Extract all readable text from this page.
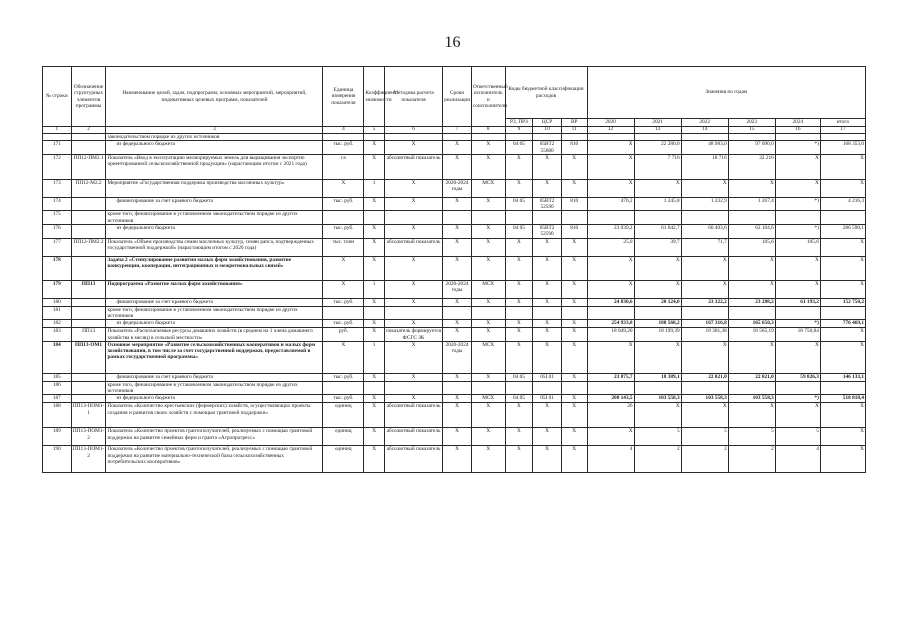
16
№ строки	Обозначение структурных элементов программы	Наименование целей, задач, подпрограмм, основных мероприятий, мероприятий, индикативных целевых программ, показателей	Единица измерения показателя	Коэффициент значимости	Методика расчета показателя	Сроки реализации	Ответственный исполнитель и соисполнители	Коды бюджетной классификации расходов			Значения по годам					
								РЗ, ПРЗ	ЦСР	ВР	2020	2021	2022	2023	2024	итого
1	2	3	4	5	6	7	8	9	10	11	12	13	14	15	16	17
		законодательством порядке из других источников														
171		из федерального бюджета	тыс. руб.	X	X	X	X	04 05	05BT2 55680	810	X	22 280,0	48 983,0	97 090,0	*)	168 353,0
172	ПП12-ПМ2.1	Показатель «Ввод в эксплуатацию мелиорируемых земель для выращивания экспортно ориентированной сельскохозяйственной продукции» (нарастающим итогом с 2021 года)	га	X	абсолютный показатель	X	X	X	X	X	X	7 716	18 716	32 216	X	X
173	ПП12-М2.2	Мероприятие «Государственная поддержка производства масличных культур»	X	1	X	2020-2024 годы	МСХ	X	X	X	X	X	X	X	X	X
174		финансирование за счет краевого бюджета	тыс. руб.	X	X	X	X	04 05	05BT2 52590	810	470,2	1 245,8	1 232,9	1 267,4	*)	4 216,3
175		кроме того, финансирование в установленном законодательством порядке из других источников														
176		из федерального бюджета	тыс. руб.	X	X	X	X	04 05	05BT2 52590	810	23 039,2	61 042,7	60 403,6	62 104,6	*)	206 590,1
177	ПП12-ПМ2.2	Показатель «Объем производства семян масличных культур, семян рапса, подтвержденных государственной поддержкой» (нарастающим итогом с 2020 года)	тыс. тонн	X	абсолютный показатель	X	X	X	X	X	25,0	39,7	71,7	105,6	105,6	X
178		Задача 2 «Стимулирование развития малых форм хозяйствования, развитие конкуренции, кооперации, интеграционных и межрегиональных связей»	X	X	X	X	X	X	X	X	X	X	X	X	X	X
179	ПП13	Подпрограмма «Развитие малых форм хозяйствования»	X	1	X	2020-2024 годы	МСХ	X	X	X	X	X	X	X	X	X
180		финансирование за счет краевого бюджета	тыс. руб.	X	X	X	X	X	X	X	24 830,6	20 124,0	23 322,2	23 288,2	61 193,2	152 758,2
181		кроме того, финансирование в установленном законодательством порядке из других источников														
182		из федерального бюджета	тыс. руб.	X	X	X	X	X	X	X	254 933,8	188 568,2	167 316,8	165 650,3	*)	776 469,1
183	ПП13	Показатель «Располагаемые ресурсы домашних хозяйств (в среднем на 1 члена домашнего хозяйства в месяц) в сельской местности»	руб.	X	показатель формируется ФСГС ЗК	X	X	X	X	X	18 049,20	18 199,39	18 381,38	18 565,19	18 750,84	X
184	ПП13-ОМ1	Основное мероприятие «Развитие сельскохозяйственных кооперативов и малых форм хозяйствования, в том числе за счет государственной поддержки, предоставляемой в рамках государственной программы»	X	1	X	2020-2024 годы	МСХ	X	X	X	X	X	X	X	X	X
185		финансирование за счет краевого бюджета	тыс. руб.	X	X	X	X	04 05	05I 01	X	23 875,7	18 389,1	22 021,0	22 021,0	59 826,3	146 133,1
186		кроме того, финансирование в установленном законодательством порядке из других источников														
187		из федерального бюджета	тыс. руб.	X	X	X	МСХ	04 05	05I 01	X	208 143,5	103 558,3	103 558,3	103 558,3	*)	518 818,4
188	ПП13-ПОМ1-1	Показатель «Количество крестьянских (фермерских) хозяйств, осуществляющих проекты создания и развития своих хозяйств с помощью грантовой поддержки»	единиц	X	абсолютный показатель	X	X	X	X	X	26	X	X	X	X	X
189	ПП13-ПОМ1-2	Показатель «Количество проектов грантополучателей, реализуемых с помощью грантовой поддержки на развитие семейных ферм и гранта «Агропрогресс»	единиц	X	абсолютный показатель	X	X	X	X	X	X	5	5	5	5	X
190	ПП13-ПОМ1-2	Показатель «Количество проектов грантополучателей, реализуемых с помощью грантовой поддержки на развитие материально-технической базы сельскохозяйственных потребительских кооперативов»	единиц	X	абсолютный показатель	X	X	X	X	X	4	2	2	2	4	X
